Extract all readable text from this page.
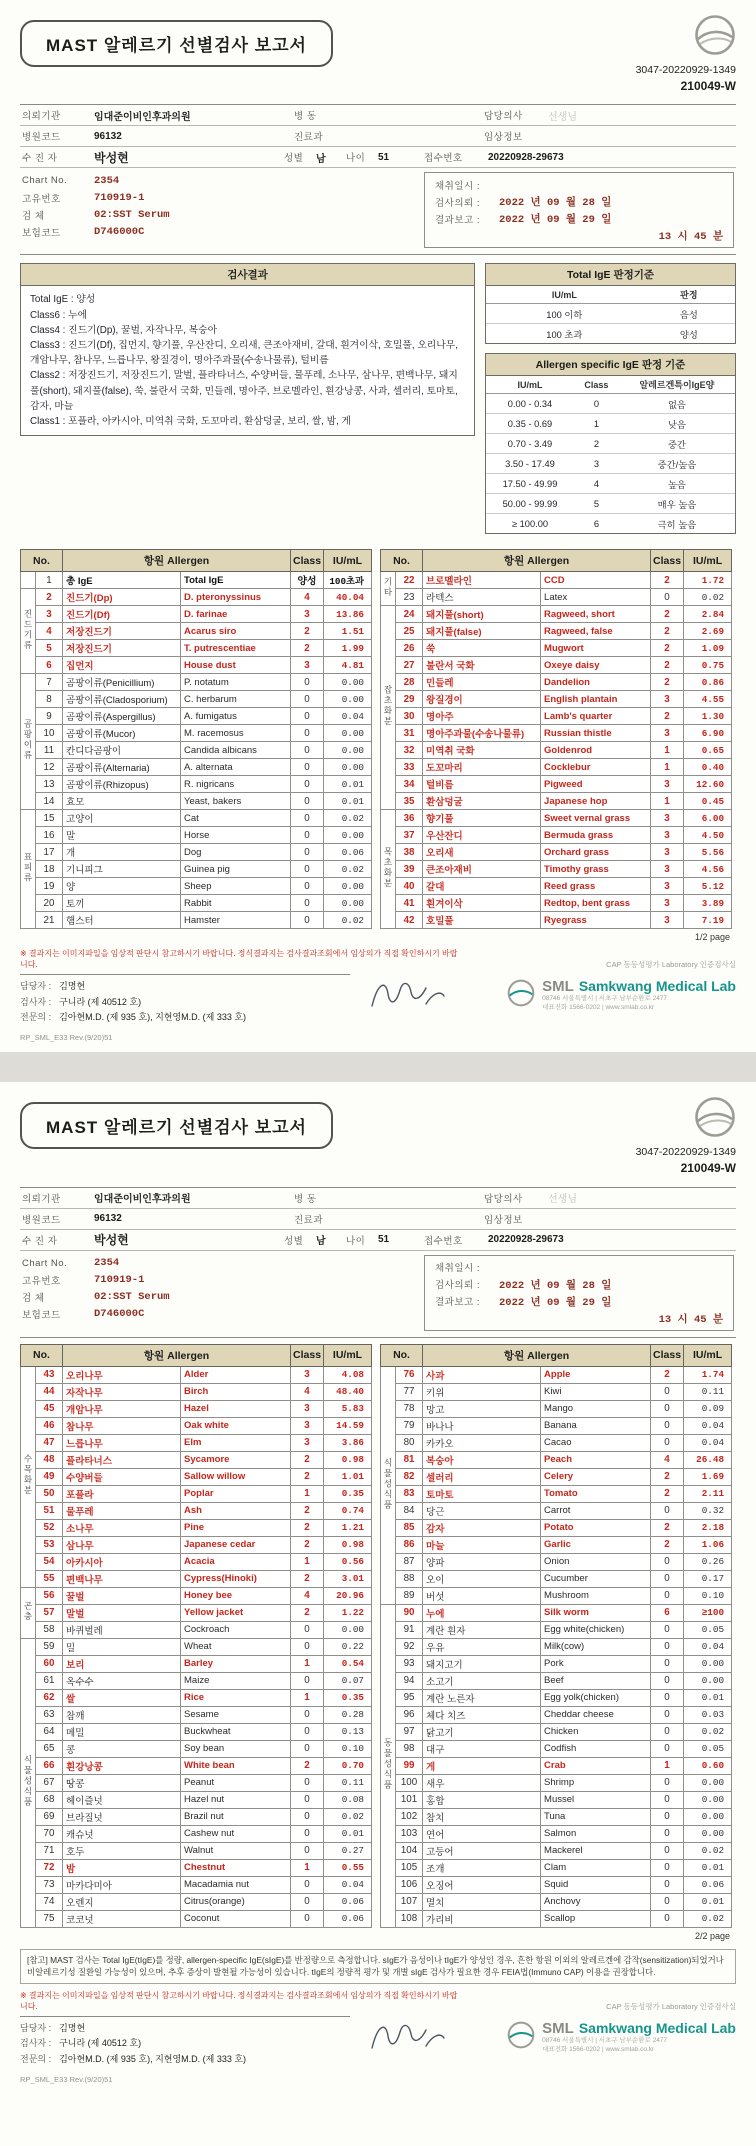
MAST 알레르기 선별검사 보고서
3047-20220929-1349
210049-W
의뢰기관	임대준이비인후과의원	병 동	담당의사	선생님
병원코드	96132	진료과	임상정보
수 진 자	박성현	성별	남	나이	51	접수번호	20220928-29673
Chart No.	2354
고유번호	710919-1
검 체	02:SST Serum
보험코드	D746000C
채취일시 :
검사의뢰 :	2022 년 09 월 28 일
결과보고 :	2022 년 09 월 29 일
13 시 45 분
검사결과
Total IgE : 양성
Class6 : 누에
Class4 : 진드기(Dp), 꿀벌, 자작나무, 복숭아
Class3 : 진드기(Df), 집먼지, 향기풀, 우산잔디, 오리새, 큰조아재비, 갈대, 흰겨이삭, 호밀풀, 오리나무, 개암나무, 참나무, 느릅나무, 왕질경이, 명아주과물(수송나물류), 털비름
Class2 : 저장진드기, 저장진드기, 말벌, 플라타너스, 수양버들, 물푸레, 소나무, 삼나무, 편백나무, 돼지풀(short), 돼지풀(false), 쑥, 불란서 국화, 민들레, 명아주, 브로멜라인, 흰강낭콩, 사과, 셀러리, 토마토, 감자, 마늘
Class1 : 포플라, 아카시아, 미역취 국화, 도꼬마리, 환삼덩굴, 보리, 쌀, 밤, 게
Total IgE 판정기준
IU/mL	판정
100 이하	음성
100 초과	양성
Allergen specific IgE 판정 기준
IU/mL	Class	알레르겐특이IgE양
0.00 - 0.34	0	없음
0.35 - 0.69	1	낮음
0.70 - 3.49	2	중간
3.50 - 17.49	3	중간/높음
17.50 - 49.99	4	높음
50.00 - 99.99	5	매우 높음
≥ 100.00	6	극히 높음
No.		항원 Allergen		Class	IU/mL
	1	총 IgE	Total IgE	양성	100초과
진드기류	2	진드기(Dp)	D. pteronyssinus	4	40.04
	3	진드기(Df)	D. farinae	3	13.86
	4	저장진드기	Acarus siro	2	1.51
	5	저장진드기	T. putrescentiae	2	1.99
	6	집먼지	House dust	3	4.81
곰팡이류	7	곰팡이류(Penicillium)	P. notatum	0	0.00
	8	곰팡이류(Cladosporium)	C. herbarum	0	0.00
	9	곰팡이류(Aspergillus)	A. fumigatus	0	0.04
	10	곰팡이류(Mucor)	M. racemosus	0	0.00
	11	칸디다곰팡이	Candida albicans	0	0.00
	12	곰팡이류(Alternaria)	A. alternata	0	0.00
	13	곰팡이류(Rhizopus)	R. nigricans	0	0.01
	14	효모	Yeast, bakers	0	0.01
표피류	15	고양이	Cat	0	0.02
	16	말	Horse	0	0.00
	17	개	Dog	0	0.06
	18	기니피그	Guinea pig	0	0.02
	19	양	Sheep	0	0.00
	20	토끼	Rabbit	0	0.00
	21	햄스터	Hamster	0	0.02
No.		항원 Allergen		Class	IU/mL
기타	22	브로멜라인	CCD	2	1.72
	23	라텍스	Latex	0	0.02
잡초화분	24	돼지풀(short)	Ragweed, short	2	2.84
	25	돼지풀(false)	Ragweed, false	2	2.69
	26	쑥	Mugwort	2	1.09
	27	불란서 국화	Oxeye daisy	2	0.75
	28	민들레	Dandelion	2	0.86
	29	왕질경이	English plantain	3	4.55
	30	명아주	Lamb's quarter	2	1.30
	31	명아주과물(수송나물류)	Russian thistle	3	6.90
	32	미역취 국화	Goldenrod	1	0.65
	33	도꼬마리	Cocklebur	1	0.40
	34	털비름	Pigweed	3	12.60
	35	환삼덩굴	Japanese hop	1	0.45
목초화분	36	향기풀	Sweet vernal grass	3	6.00
	37	우산잔디	Bermuda grass	3	4.50
	38	오리새	Orchard grass	3	5.56
	39	큰조아재비	Timothy grass	3	4.56
	40	갈대	Reed grass	3	5.12
	41	흰겨이삭	Redtop, bent grass	3	3.89
	42	호밀풀	Ryegrass	3	7.19
1/2 page
※ 결과지는 이미지파일을 임상적 판단시 참고하시기 바랍니다. 정식결과지는 검사결과조회에서 임상의가 직접 확인하시기 바랍니다.	CAP 동등성평가 Laboratory 인증검사실
담당자 : 김명현
검사자 : 구니라 (제 40512 호)
전문의 : 김아현M.D. (제 935 호), 지현영M.D. (제 333 호)
SML Samkwang Medical Lab
08746 서울특별시 | 서초구 남부순환로 2477
대표전화 1566-0202 | www.smlab.co.kr
RP_SML_E33 Rev.(9/20)51
MAST 알레르기 선별검사 보고서
3047-20220929-1349
210049-W
의뢰기관	임대준이비인후과의원	병 동	담당의사	선생님
병원코드	96132	진료과	임상정보
수 진 자	박성현	성별	남	나이	51	접수번호	20220928-29673
Chart No.	2354
고유번호	710919-1
검 체	02:SST Serum
보험코드	D746000C
채취일시 :
검사의뢰 :	2022 년 09 월 28 일
결과보고 :	2022 년 09 월 29 일
13 시 45 분
No.		항원 Allergen		Class	IU/mL
수목화분	43	오리나무	Alder	3	4.08
	44	자작나무	Birch	4	48.40
	45	개암나무	Hazel	3	5.83
	46	참나무	Oak white	3	14.59
	47	느릅나무	Elm	3	3.86
	48	플라타너스	Sycamore	2	0.98
	49	수양버들	Sallow willow	2	1.01
	50	포플라	Poplar	1	0.35
	51	물푸레	Ash	2	0.74
	52	소나무	Pine	2	1.21
	53	삼나무	Japanese cedar	2	0.98
	54	아카시아	Acacia	1	0.56
	55	편백나무	Cypress(Hinoki)	2	3.01
곤충	56	꿀벌	Honey bee	4	20.96
	57	말벌	Yellow jacket	2	1.22
	58	바퀴벌레	Cockroach	0	0.00
식물성식품	59	밀	Wheat	0	0.22
	60	보리	Barley	1	0.54
	61	옥수수	Maize	0	0.07
	62	쌀	Rice	1	0.35
	63	참깨	Sesame	0	0.28
	64	메밀	Buckwheat	0	0.13
	65	콩	Soy bean	0	0.10
	66	흰강낭콩	White bean	2	0.70
	67	땅콩	Peanut	0	0.11
	68	헤이즐넛	Hazel nut	0	0.08
	69	브라질넛	Brazil nut	0	0.02
	70	캐슈넛	Cashew nut	0	0.01
	71	호두	Walnut	0	0.27
	72	밤	Chestnut	1	0.55
	73	마카다미아	Macadamia nut	0	0.04
	74	오렌지	Citrus(orange)	0	0.06
	75	코코넛	Coconut	0	0.06
No.		항원 Allergen		Class	IU/mL
식물성식품	76	사과	Apple	2	1.74
	77	키위	Kiwi	0	0.11
	78	망고	Mango	0	0.09
	79	바나나	Banana	0	0.04
	80	카카오	Cacao	0	0.04
	81	복숭아	Peach	4	26.48
	82	셀러리	Celery	2	1.69
	83	토마토	Tomato	2	2.11
	84	당근	Carrot	0	0.32
	85	감자	Potato	2	2.18
	86	마늘	Garlic	2	1.06
	87	양파	Onion	0	0.26
	88	오이	Cucumber	0	0.17
	89	버섯	Mushroom	0	0.10
동물성식품	90	누에	Silk worm	6	≥100
	91	계란 흰자	Egg white(chicken)	0	0.05
	92	우유	Milk(cow)	0	0.04
	93	돼지고기	Pork	0	0.00
	94	소고기	Beef	0	0.00
	95	계란 노른자	Egg yolk(chicken)	0	0.01
	96	체다 치즈	Cheddar cheese	0	0.03
	97	닭고기	Chicken	0	0.02
	98	대구	Codfish	0	0.05
	99	게	Crab	1	0.60
	100	새우	Shrimp	0	0.00
	101	홍합	Mussel	0	0.00
	102	참치	Tuna	0	0.00
	103	연어	Salmon	0	0.00
	104	고등어	Mackerel	0	0.02
	105	조개	Clam	0	0.01
	106	오징어	Squid	0	0.06
	107	멸치	Anchovy	0	0.01
	108	가리비	Scallop	0	0.02
2/2 page
[참고] MAST 검사는 Total IgE(tIgE)를 정량, allergen-specific IgE(sIgE)를 반정량으로 측정합니다. sIgE가 음성이나 tIgE가 양성인 경우, 흔한 항원 이외의 알레르겐에 감작(sensitization)되었거나 비알레르기성 질환일 가능성이 있으며, 추후 증상이 발현될 가능성이 있습니다. tIgE의 정량적 평가 및 개별 sIgE 검사가 필요한 경우 FEIA법(Immuno CAP) 이용을 권장합니다.
※ 결과지는 이미지파일을 임상적 판단시 참고하시기 바랍니다. 정식결과지는 검사결과조회에서 임상의가 직접 확인하시기 바랍니다.	CAP 동등성평가 Laboratory 인증검사실
담당자 : 김명현
검사자 : 구니라 (제 40512 호)
전문의 : 김아현M.D. (제 935 호), 지현영M.D. (제 333 호)
SML Samkwang Medical Lab
08746 서울특별시 | 서초구 남부순환로 2477
대표전화 1566-0202 | www.smlab.co.kr
RP_SML_E33 Rev.(9/20)51
